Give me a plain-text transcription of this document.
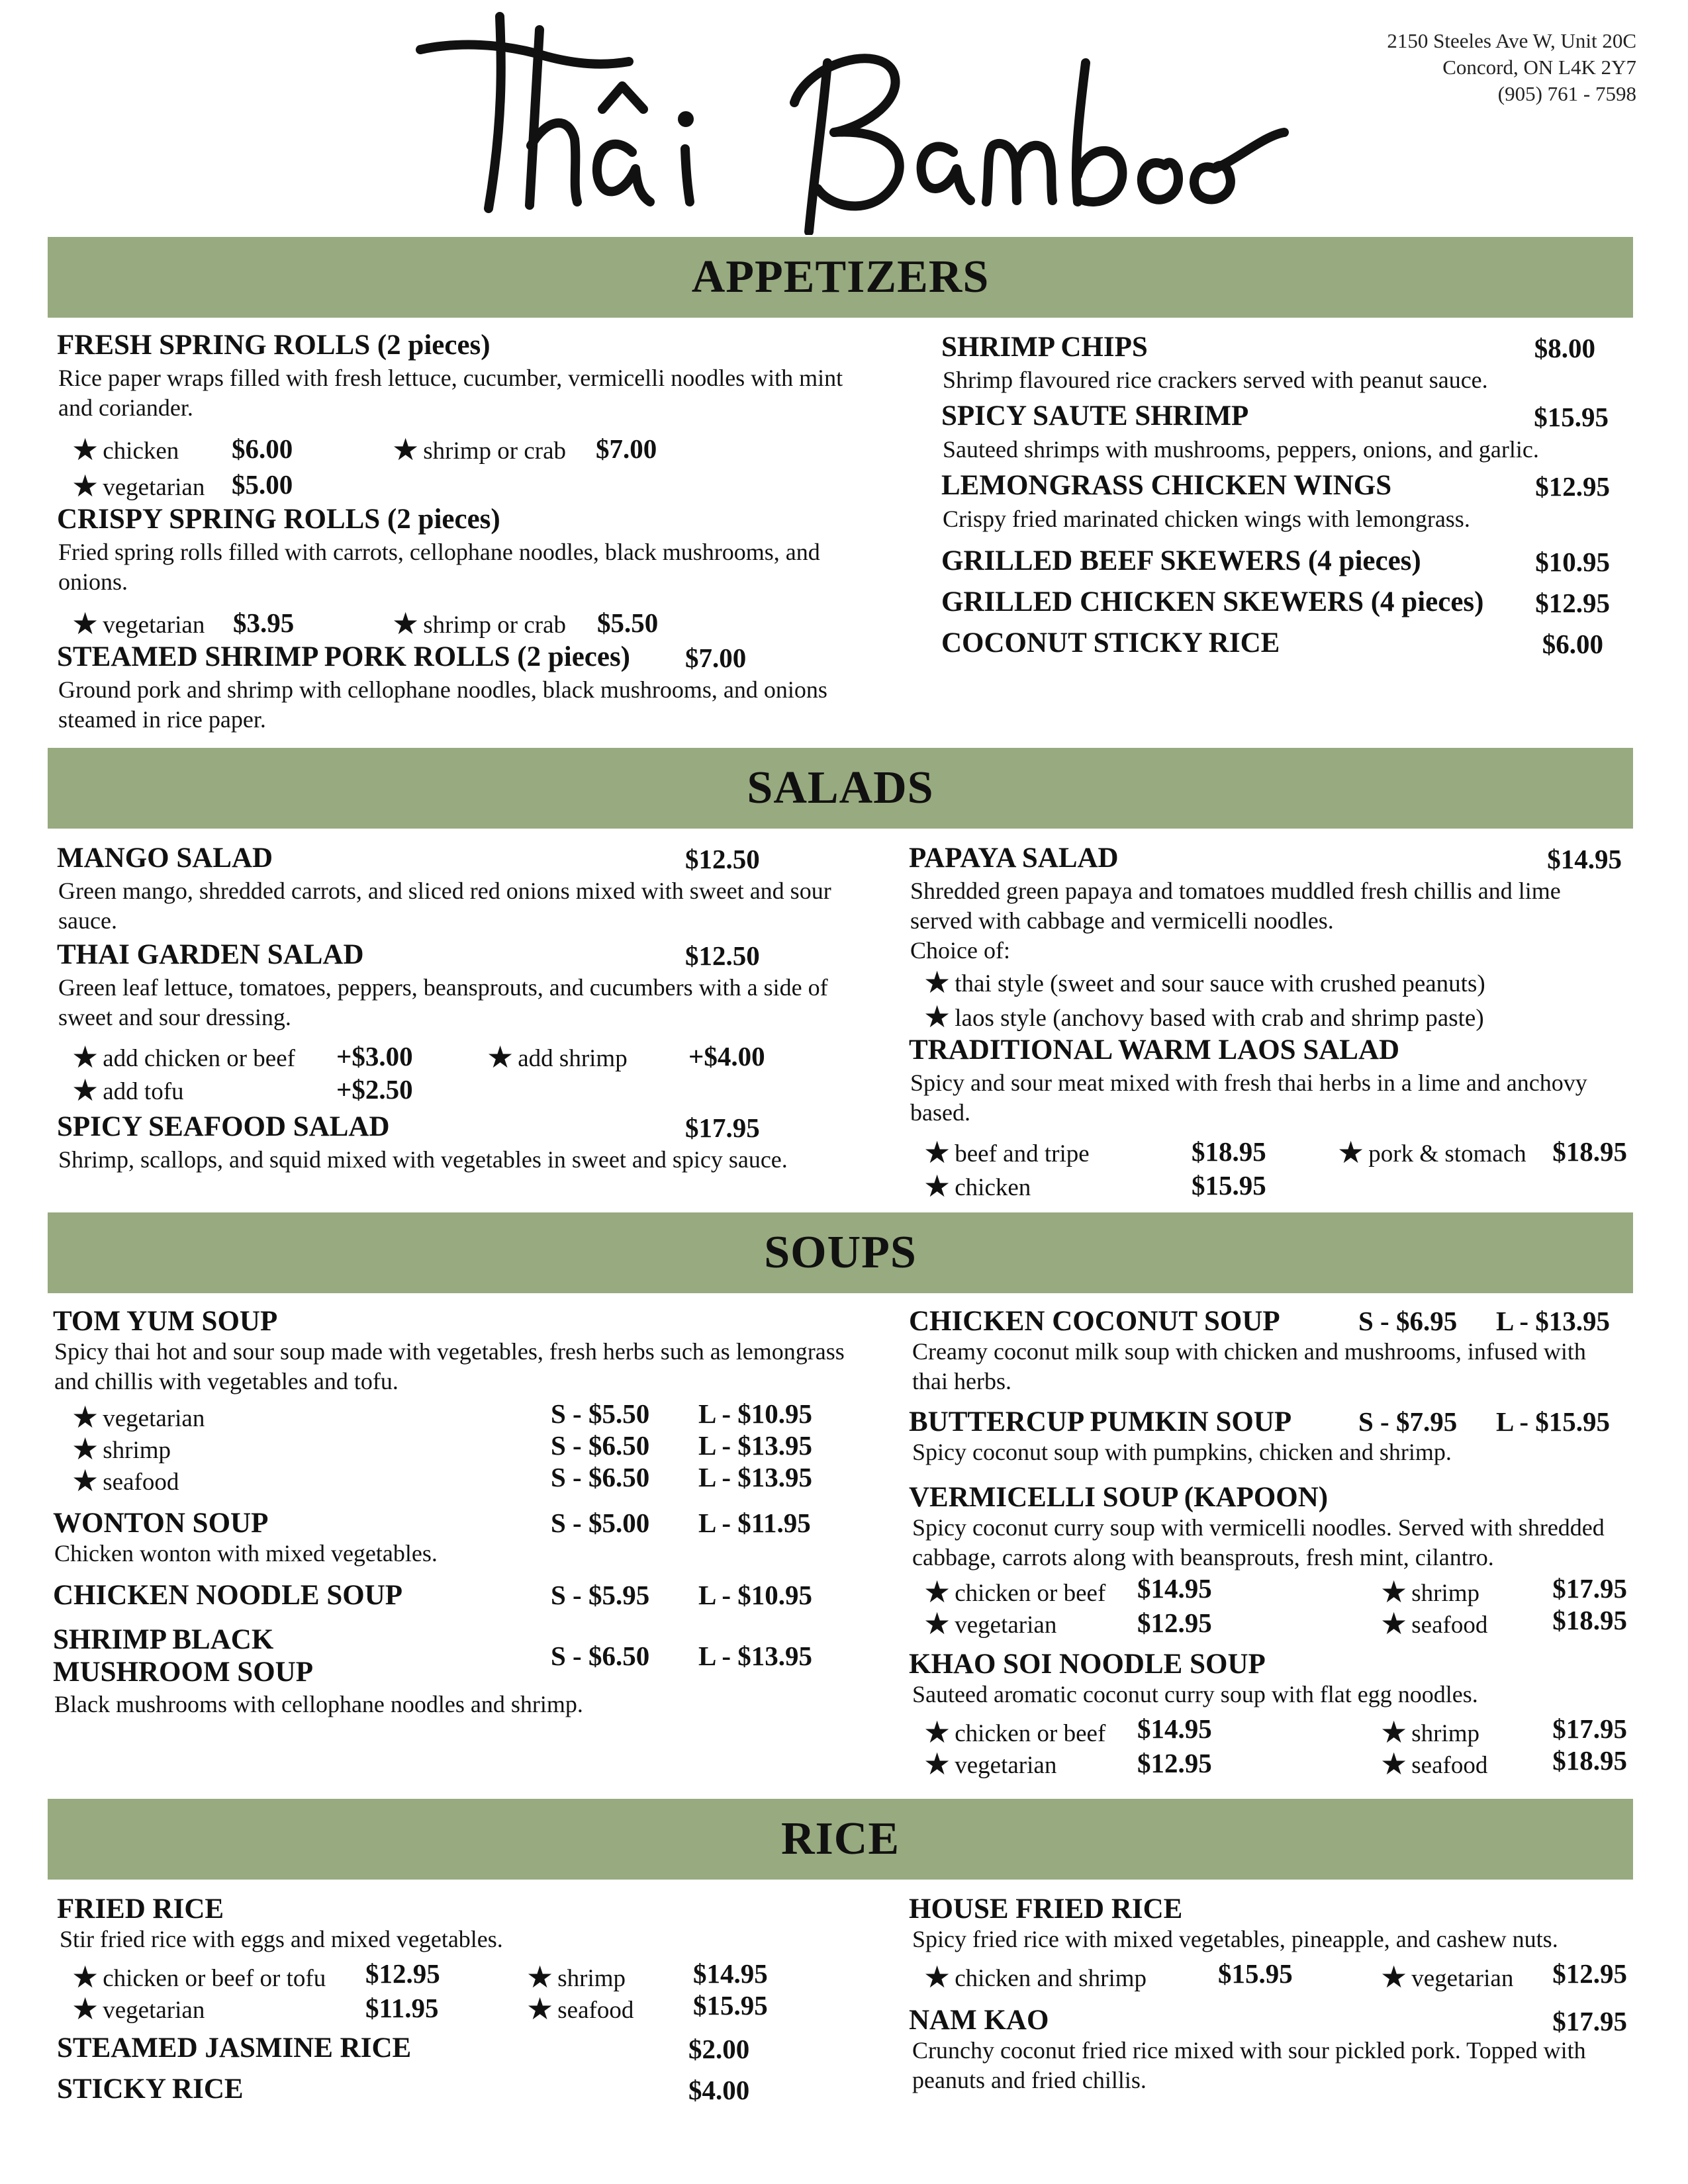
2150 Steeles Ave W, Unit 20C
Concord, ON L4K 2Y7
(905) 761 - 7598
APPETIZERS
FRESH SPRING ROLLS (2 pieces)
Rice paper wraps filled with fresh lettuce, cucumber, vermicelli noodles with mint and coriander.
★ chicken $6.00	★ shrimp or crab $7.00
★ vegetarian $5.00
CRISPY SPRING ROLLS (2 pieces)
Fried spring rolls filled with carrots, cellophane noodles, black mushrooms, and onions.
★ vegetarian $3.95	★ shrimp or crab $5.50
STEAMED SHRIMP PORK ROLLS (2 pieces) $7.00
Ground pork and shrimp with cellophane noodles, black mushrooms, and onions steamed in rice paper.
SHRIMP CHIPS	$8.00
Shrimp flavoured rice crackers served with peanut sauce.
SPICY SAUTE SHRIMP	$15.95
Sauteed shrimps with mushrooms, peppers, onions, and garlic.
LEMONGRASS CHICKEN WINGS	$12.95
Crispy fried marinated chicken wings with lemongrass.
GRILLED BEEF SKEWERS (4 pieces)	$10.95
GRILLED CHICKEN SKEWERS (4 pieces) $12.95
COCONUT STICKY RICE	$6.00
SALADS
MANGO SALAD	$12.50
Green mango, shredded carrots, and sliced red onions mixed with sweet and sour sauce.
THAI GARDEN SALAD	$12.50
Green leaf lettuce, tomatoes, peppers, beansprouts, and cucumbers with a side of sweet and sour dressing.
★ add chicken or beef +$3.00 ★ add shrimp +$4.00
★ add tofu	+$2.50
SPICY SEAFOOD SALAD	$17.95
Shrimp, scallops, and squid mixed with vegetables in sweet and spicy sauce.
PAPAYA SALAD	$14.95
Shredded green papaya and tomatoes muddled fresh chillis and lime served with cabbage and vermicelli noodles.
Choice of:
★ thai style (sweet and sour sauce with crushed peanuts)
★ laos style (anchovy based with crab and shrimp paste)
TRADITIONAL WARM LAOS SALAD
Spicy and sour meat mixed with fresh thai herbs in a lime and anchovy based.
★ beef and tripe	$18.95 ★ pork & stomach $18.95
★ chicken	$15.95
SOUPS
TOM YUM SOUP
Spicy thai hot and sour soup made with vegetables, fresh herbs such as lemongrass and chillis with vegetables and tofu.
★ vegetarian	S - $5.50 L - $10.95
★ shrimp	S - $6.50 L - $13.95
★ seafood	S - $6.50 L - $13.95
WONTON SOUP	S - $5.00 L - $11.95
Chicken wonton with mixed vegetables.
CHICKEN NOODLE SOUP	S - $5.95 L - $10.95
SHRIMP BLACK
MUSHROOM SOUP
S - $6.50 L - $13.95
Black mushrooms with cellophane noodles and shrimp.
CHICKEN COCONUT SOUP	S - $6.95 L - $13.95
Creamy coconut milk soup with chicken and mushrooms, infused with thai herbs.
BUTTERCUP PUMKIN SOUP S - $7.95 L - $15.95
Spicy coconut soup with pumpkins, chicken and shrimp.
VERMICELLI SOUP (KAPOON)
Spicy coconut curry soup with vermicelli noodles. Served with shredded cabbage, carrots along with beansprouts, fresh mint, cilantro.
★ chicken or beef $14.95	★ shrimp	$17.95
★ vegetarian	$12.95	★ seafood $18.95
KHAO SOI NOODLE SOUP
Sauteed aromatic coconut curry soup with flat egg noodles.
★ chicken or beef $14.95	★ shrimp	$17.95
★ vegetarian	$12.95	★ seafood $18.95
RICE
FRIED RICE
Stir fried rice with eggs and mixed vegetables.
★ chicken or beef or tofu $12.95	★ shrimp $14.95
★ vegetarian	$11.95	★ seafood $15.95
STEAMED JASMINE RICE	$2.00
STICKY RICE	$4.00
HOUSE FRIED RICE
Spicy fried rice with mixed vegetables, pineapple, and cashew nuts.
★ chicken and shrimp	$15.95	★ vegetarian $12.95
NAM KAO	$17.95
Crunchy coconut fried rice mixed with sour pickled pork. Topped with peanuts and fried chillis.
